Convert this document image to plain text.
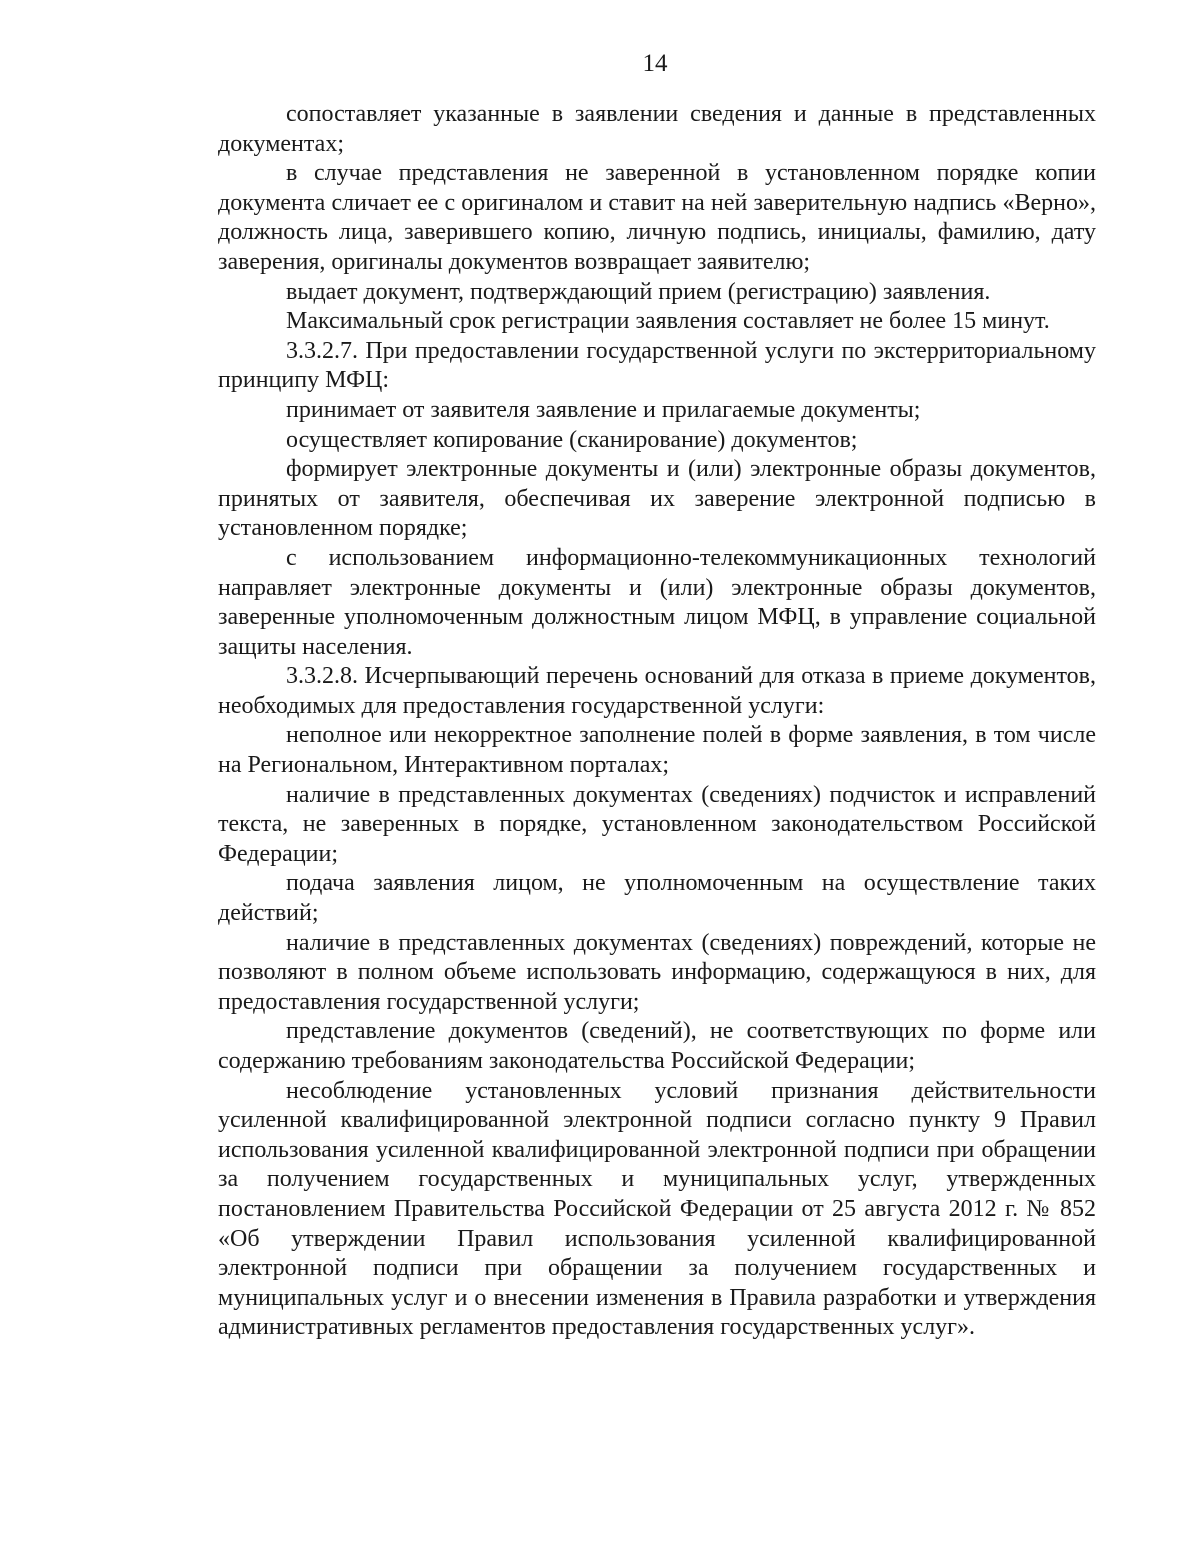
14

сопоставляет указанные в заявлении сведения и данные в представленных документах;

в случае представления не заверенной в установленном порядке копии документа сличает ее с оригиналом и ставит на ней заверительную надпись «Верно», должность лица, заверившего копию, личную подпись, инициалы, фамилию, дату заверения, оригиналы документов возвращает заявителю;

выдает документ, подтверждающий прием (регистрацию) заявления.

Максимальный срок регистрации заявления составляет не более 15 минут.

3.3.2.7. При предоставлении государственной услуги по экстерриториальному принципу МФЦ:

принимает от заявителя заявление и прилагаемые документы;

осуществляет копирование (сканирование) документов;

формирует электронные документы и (или) электронные образы документов, принятых от заявителя, обеспечивая их заверение электронной подписью в установленном порядке;

с использованием информационно-телекоммуникационных технологий направляет электронные документы и (или) электронные образы документов, заверенные уполномоченным должностным лицом МФЦ, в управление социальной защиты населения.

3.3.2.8. Исчерпывающий перечень оснований для отказа в приеме документов, необходимых для предоставления государственной услуги:

неполное или некорректное заполнение полей в форме заявления, в том числе на Региональном, Интерактивном порталах;

наличие в представленных документах (сведениях) подчисток и исправлений текста, не заверенных в порядке, установленном законодательством Российской Федерации;

подача заявления лицом, не уполномоченным на осуществление таких действий;

наличие в представленных документах (сведениях) повреждений, которые не позволяют в полном объеме использовать информацию, содержащуюся в них, для предоставления государственной услуги;

представление документов (сведений), не соответствующих по форме или содержанию требованиям законодательства Российской Федерации;

несоблюдение установленных условий признания действительности усиленной квалифицированной электронной подписи согласно пункту 9 Правил использования усиленной квалифицированной электронной подписи при обращении за получением государственных и муниципальных услуг, утвержденных постановлением Правительства Российской Федерации от 25 августа 2012 г. № 852 «Об утверждении Правил использования усиленной квалифицированной электронной подписи при обращении за получением государственных и муниципальных услуг и о внесении изменения в Правила разработки и утверждения административных регламентов предоставления государственных услуг».
